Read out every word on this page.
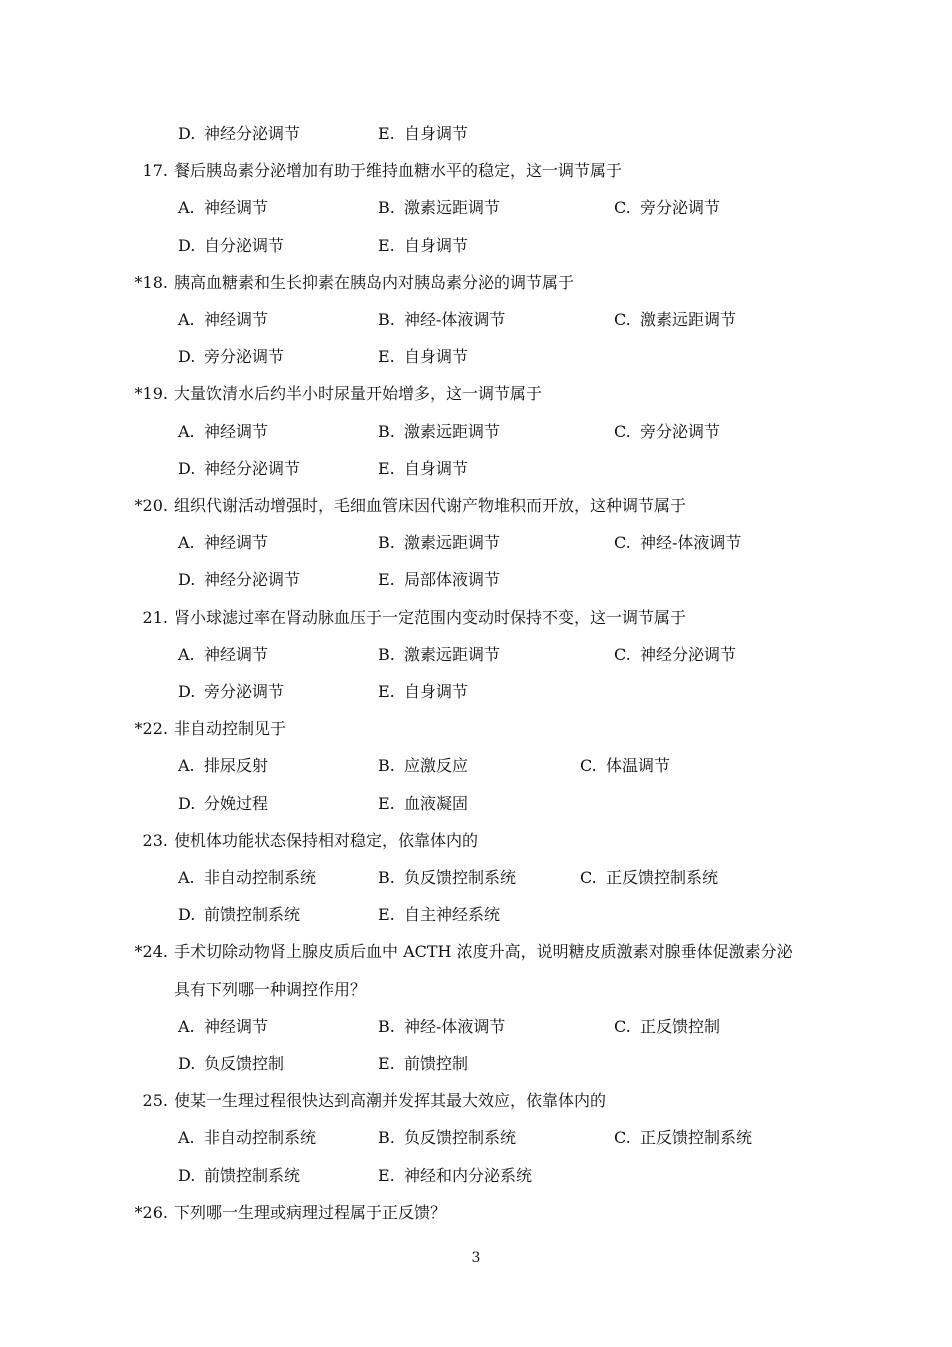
D. 神经分泌调节	E. 自身调节
17. 餐后胰岛素分泌增加有助于维持血糖水平的稳定，这一调节属于
A. 神经调节	B. 激素远距调节	C. 旁分泌调节
D. 自分泌调节	E. 自身调节
*18. 胰高血糖素和生长抑素在胰岛内对胰岛素分泌的调节属于
A. 神经调节	B. 神经-体液调节	C. 激素远距调节
D. 旁分泌调节	E. 自身调节
*19. 大量饮清水后约半小时尿量开始增多，这一调节属于
A. 神经调节	B. 激素远距调节	C. 旁分泌调节
D. 神经分泌调节	E. 自身调节
*20. 组织代谢活动增强时，毛细血管床因代谢产物堆积而开放，这种调节属于
A. 神经调节	B. 激素远距调节	C. 神经-体液调节
D. 神经分泌调节	E. 局部体液调节
21. 肾小球滤过率在肾动脉血压于一定范围内变动时保持不变，这一调节属于
A. 神经调节	B. 激素远距调节	C. 神经分泌调节
D. 旁分泌调节	E. 自身调节
*22. 非自动控制见于
A. 排尿反射	B. 应激反应	C. 体温调节
D. 分娩过程	E. 血液凝固
23. 使机体功能状态保持相对稳定，依靠体内的
A. 非自动控制系统	B. 负反馈控制系统	C. 正反馈控制系统
D. 前馈控制系统	E. 自主神经系统
*24. 手术切除动物肾上腺皮质后血中 ACTH 浓度升高，说明糖皮质激素对腺垂体促激素分泌
具有下列哪一种调控作用？
A. 神经调节	B. 神经-体液调节	C. 正反馈控制
D. 负反馈控制	E. 前馈控制
25. 使某一生理过程很快达到高潮并发挥其最大效应，依靠体内的
A. 非自动控制系统	B. 负反馈控制系统	C. 正反馈控制系统
D. 前馈控制系统	E. 神经和内分泌系统
*26. 下列哪一生理或病理过程属于正反馈？
3
